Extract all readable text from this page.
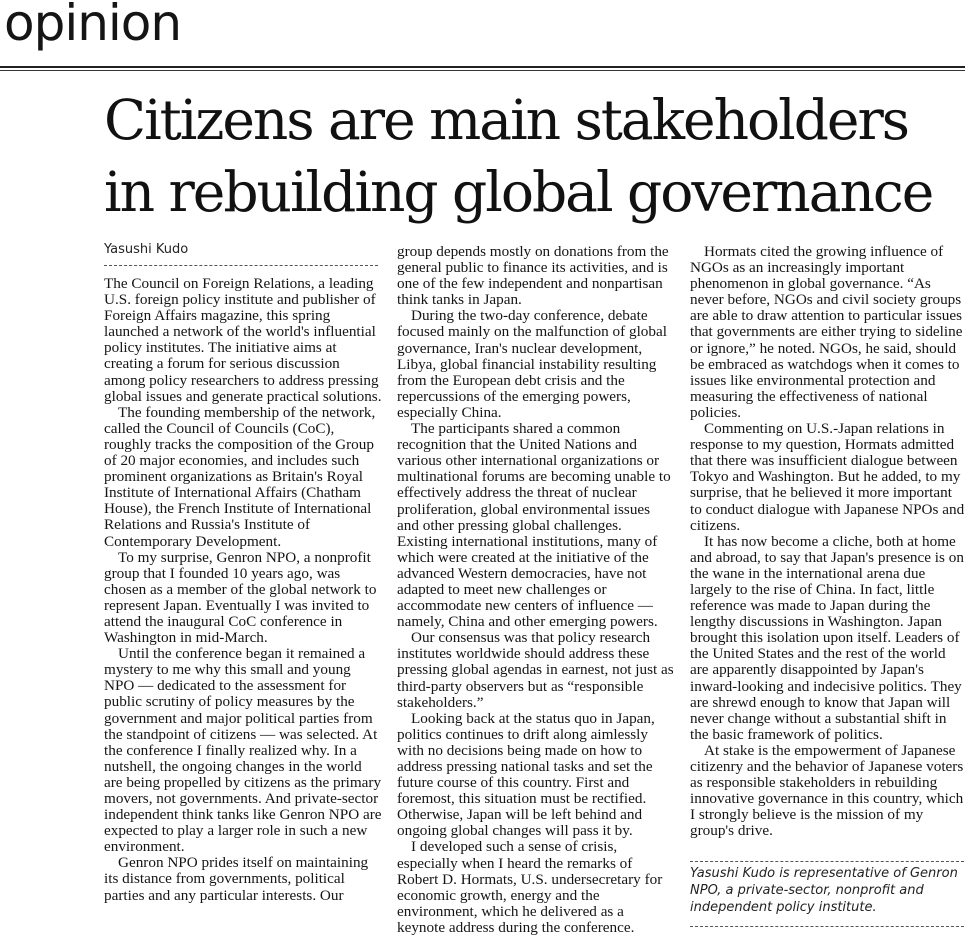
opinion
Citizens are main stakeholders
in rebuilding global governance
Yasushi Kudo

The Council on Foreign Relations, a leading U.S. foreign policy institute and publisher of Foreign Affairs magazine, this spring launched a network of the world's influential policy institutes. The initiative aims at creating a forum for serious discussion among policy researchers to address pressing global issues and generate practical solutions.

The founding membership of the network, called the Council of Councils (CoC), roughly tracks the composition of the Group of 20 major economies, and includes such prominent organizations as Britain's Royal Institute of International Affairs (Chatham House), the French Institute of International Relations and Russia's Institute of Contemporary Development.

To my surprise, Genron NPO, a nonprofit group that I founded 10 years ago, was chosen as a member of the global network to represent Japan. Eventually I was invited to attend the inaugural CoC conference in Washington in mid-March.

Until the conference began it remained a mystery to me why this small and young NPO — dedicated to the assessment for public scrutiny of policy measures by the government and major political parties from the standpoint of citizens — was selected. At the conference I finally realized why. In a nutshell, the ongoing changes in the world are being propelled by citizens as the primary movers, not governments. And private-sector independent think tanks like Genron NPO are expected to play a larger role in such a new environment.

Genron NPO prides itself on maintaining its distance from governments, political parties and any particular interests. Our

group depends mostly on donations from the general public to finance its activities, and is one of the few independent and nonpartisan think tanks in Japan.

During the two-day conference, debate focused mainly on the malfunction of global governance, Iran's nuclear development, Libya, global financial instability resulting from the European debt crisis and the repercussions of the emerging powers, especially China.

The participants shared a common recognition that the United Nations and various other international organizations or multinational forums are becoming unable to effectively address the threat of nuclear proliferation, global environmental issues and other pressing global challenges. Existing international institutions, many of which were created at the initiative of the advanced Western democracies, have not adapted to meet new challenges or accommodate new centers of influence — namely, China and other emerging powers.

Our consensus was that policy research institutes worldwide should address these pressing global agendas in earnest, not just as third-party observers but as “responsible stakeholders.”

Looking back at the status quo in Japan, politics continues to drift along aimlessly with no decisions being made on how to address pressing national tasks and set the future course of this country. First and foremost, this situation must be rectified. Otherwise, Japan will be left behind and ongoing global changes will pass it by.

I developed such a sense of crisis, especially when I heard the remarks of Robert D. Hormats, U.S. undersecretary for economic growth, energy and the environment, which he delivered as a keynote address during the conference.

Hormats cited the growing influence of NGOs as an increasingly important phenomenon in global governance. “As never before, NGOs and civil society groups are able to draw attention to particular issues that governments are either trying to sideline or ignore,” he noted. NGOs, he said, should be embraced as watchdogs when it comes to issues like environmental protection and measuring the effectiveness of national policies.

Commenting on U.S.-Japan relations in response to my question, Hormats admitted that there was insufficient dialogue between Tokyo and Washington. But he added, to my surprise, that he believed it more important to conduct dialogue with Japanese NPOs and citizens.

It has now become a cliche, both at home and abroad, to say that Japan's presence is on the wane in the international arena due largely to the rise of China. In fact, little reference was made to Japan during the lengthy discussions in Washington. Japan brought this isolation upon itself. Leaders of the United States and the rest of the world are apparently disappointed by Japan's inward-looking and indecisive politics. They are shrewd enough to know that Japan will never change without a substantial shift in the basic framework of politics.

At stake is the empowerment of Japanese citizenry and the behavior of Japanese voters as responsible stakeholders in rebuilding innovative governance in this country, which I strongly believe is the mission of my group's drive.

Yasushi Kudo is representative of Genron NPO, a private-sector, nonprofit and independent policy institute.
